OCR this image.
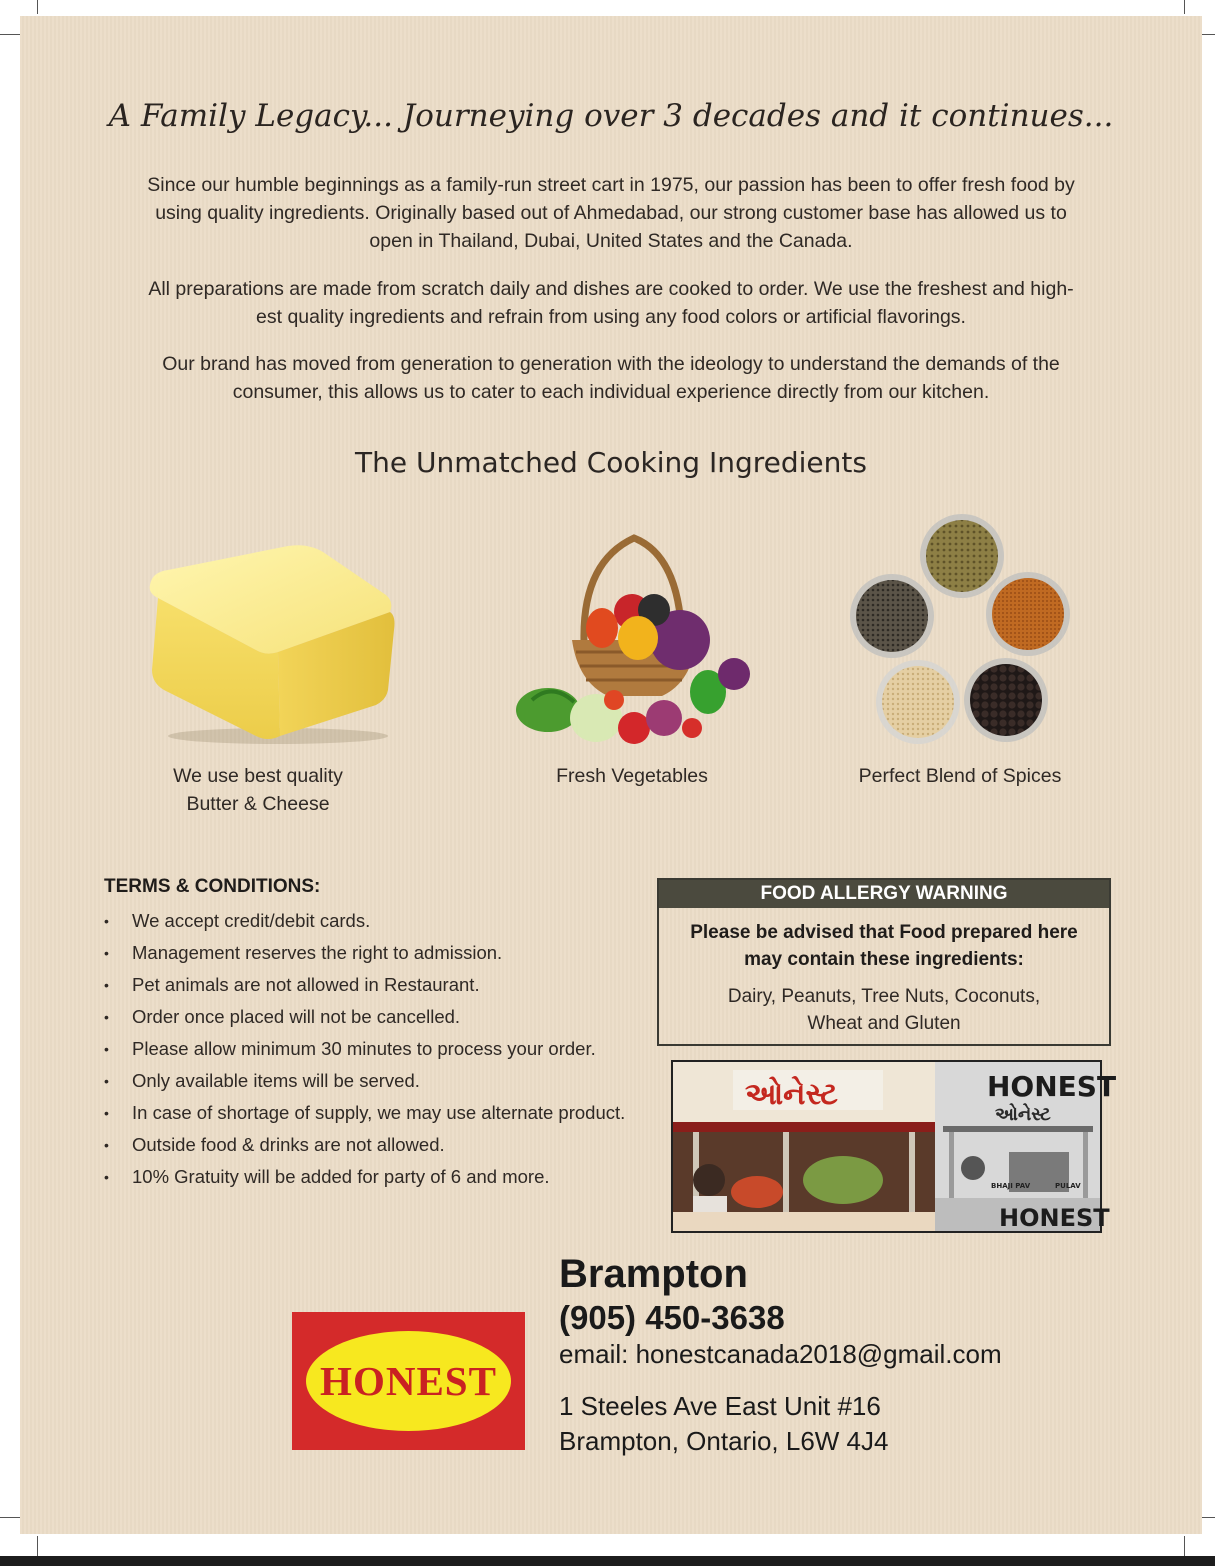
A Family Legacy... Journeying over 3 decades and it continues...
Since our humble beginnings as a family-run street cart in 1975, our passion has been to offer fresh food by
using quality ingredients. Originally based out of Ahmedabad, our strong customer base has allowed us to
open in Thailand, Dubai, United States and the Canada.
All preparations are made from scratch daily and dishes are cooked to order. We use the freshest and high-
est quality ingredients and refrain from using any food colors or artificial flavorings.
Our brand has moved from generation to generation with the ideology to understand the demands of the
consumer, this allows us to cater to each individual experience directly from our kitchen.
The Unmatched Cooking Ingredients
We use best quality
Butter & Cheese
Fresh Vegetables	Perfect Blend of Spices
TERMS & CONDITIONS:
• We accept credit/debit cards.
• Management reserves the right to admission.
• Pet animals are not allowed in Restaurant.
• Order once placed will not be cancelled.
• Please allow minimum 30 minutes to process your order.
• Only available items will be served.
• In case of shortage of supply, we may use alternate product.
• Outside food & drinks are not allowed.
• 10% Gratuity will be added for party of 6 and more.
FOOD ALLERGY WARNING
Please be advised that Food prepared here
may contain these ingredients:
Dairy, Peanuts, Tree Nuts, Coconuts,
Wheat and Gluten
ઓનેસ્ટ	HONEST
ઓનેસ્ટ
BHAJI PAV	PULAV
HONEST
Brampton
(905) 450-3638
email: honestcanada2018@gmail.com
1 Steeles Ave East Unit #16
Brampton, Ontario, L6W 4J4
HONEST
